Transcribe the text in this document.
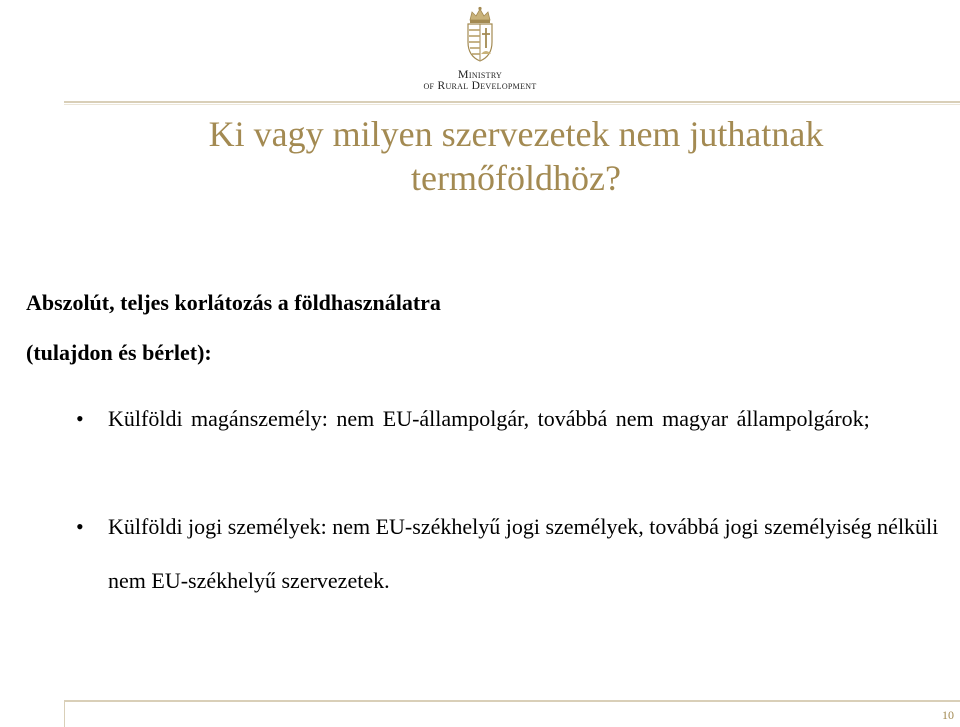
Ministry
of Rural Development
Ki vagy milyen szervezetek nem juthatnak termőföldhöz?
Abszolút, teljes korlátozás a földhasználatra
(tulajdon és bérlet):
• Külföldi magánszemély: nem EU-állampolgár, továbbá nem magyar állampolgárok;
• Külföldi jogi személyek: nem EU-székhelyű jogi személyek, továbbá jogi személyiség nélküli nem EU-székhelyű szervezetek.
10
